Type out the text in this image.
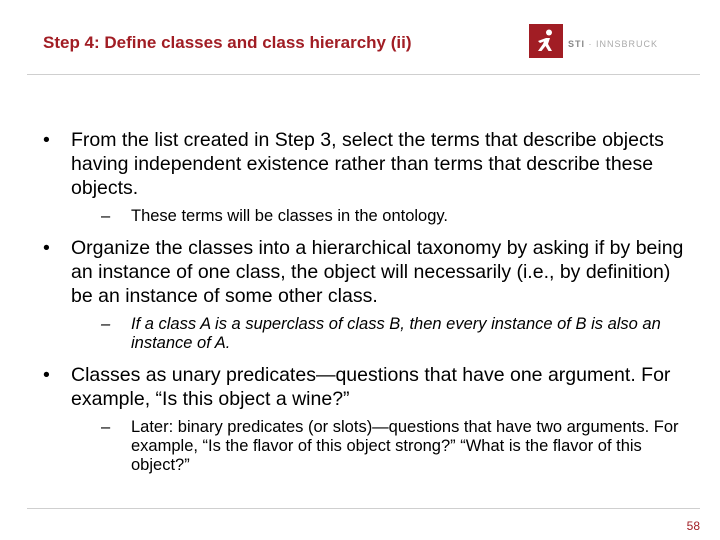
Step 4: Define classes and class hierarchy (ii)	STI · INNSBRUCK
• From the list created in Step 3, select the terms that describe objects having independent existence rather than terms that describe these objects.
– These terms will be classes in the ontology.
• Organize the classes into a hierarchical taxonomy by asking if by being an instance of one class, the object will necessarily (i.e., by definition) be an instance of some other class.
– If a class A is a superclass of class B, then every instance of B is also an instance of A.
• Classes as unary predicates—questions that have one argument. For example, “Is this object a wine?”
– Later: binary predicates (or slots)—questions that have two arguments. For example, “Is the flavor of this object strong?” “What is the flavor of this object?”
58
